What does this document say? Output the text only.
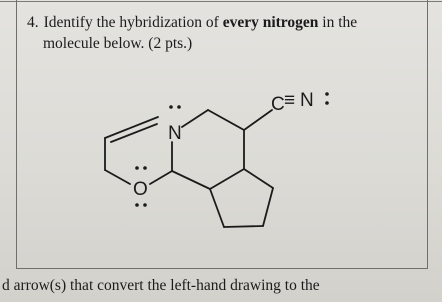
4. Identify the hybridization of every nitrogen in the
molecule below. (2 pts.)

N
O
C ≡ N

d arrow(s) that convert the left-hand drawing to the
